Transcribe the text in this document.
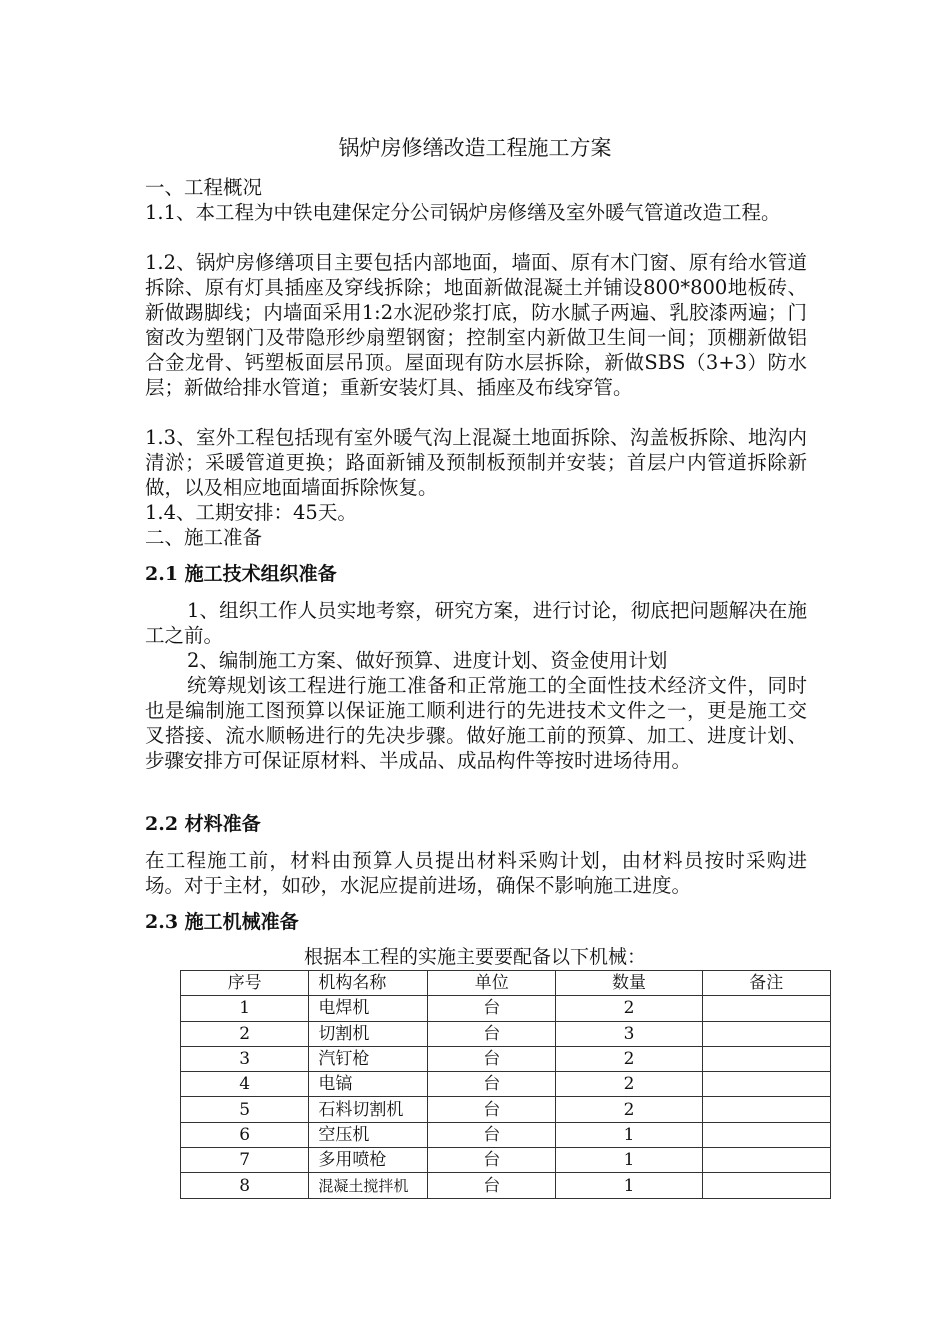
锅炉房修缮改造工程施工方案
一、工程概况
1.1、本工程为中铁电建保定分公司锅炉房修缮及室外暖气管道改造工程。
1.2、锅炉房修缮项目主要包括内部地面，墙面、原有木门窗、原有给水管道拆除、原有灯具插座及穿线拆除；地面新做混凝土并铺设800*800地板砖、新做踢脚线；内墙面采用1:2水泥砂浆打底，防水腻子两遍、乳胶漆两遍；门窗改为塑钢门及带隐形纱扇塑钢窗；控制室内新做卫生间一间；顶棚新做铝合金龙骨、钙塑板面层吊顶。屋面现有防水层拆除，新做SBS（3+3）防水层；新做给排水管道；重新安装灯具、插座及布线穿管。
1.3、室外工程包括现有室外暖气沟上混凝土地面拆除、沟盖板拆除、地沟内清淤；采暖管道更换；路面新铺及预制板预制并安装；首层户内管道拆除新做，以及相应地面墙面拆除恢复。
1.4、工期安排：45天。
二、施工准备
2.1 施工技术组织准备
1、组织工作人员实地考察，研究方案，进行讨论，彻底把问题解决在施工之前。
2、编制施工方案、做好预算、进度计划、资金使用计划
统筹规划该工程进行施工准备和正常施工的全面性技术经济文件，同时也是编制施工图预算以保证施工顺利进行的先进技术文件之一，更是施工交叉搭接、流水顺畅进行的先决步骤。做好施工前的预算、加工、进度计划、步骤安排方可保证原材料、半成品、成品构件等按时进场待用。
2.2 材料准备
在工程施工前，材料由预算人员提出材料采购计划，由材料员按时采购进场。对于主材，如砂，水泥应提前进场，确保不影响施工进度。
2.3 施工机械准备
根据本工程的实施主要要配备以下机械：
序号	机构名称	单位	数量	备注
1	电焊机	台	2	
2	切割机	台	3	
3	汽钉枪	台	2	
4	电镐	台	2	
5	石料切割机	台	2	
6	空压机	台	1	
7	多用喷枪	台	1	
8	混凝土搅拌机	台	1	
